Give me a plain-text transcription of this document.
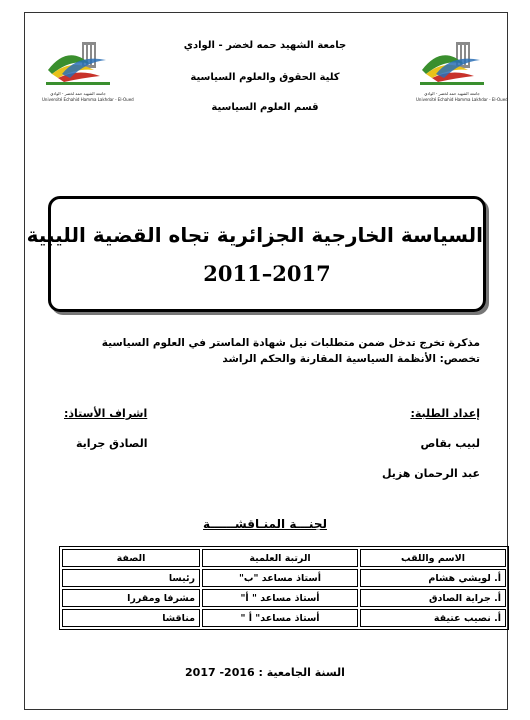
جامعة الشهيد حمه لخضر - الوادي
Université Echahid Hamma Lakhdar - El-Oued
جامعة الشهيد حمه لخضر - الوادي
Université Echahid Hamma Lakhdar - El-Oued
جامعة الشهيد حمه لخضر - الوادي
كلية الحقوق والعلوم السياسية
قسم العلوم السياسية
السياسة الخارجية الجزائرية تجاه القضية الليبية
2011–2017
مذكرة تخرج تدخل ضمن متطلبات نيل شهادة الماستر في العلوم السياسية
تخصص: الأنظمة السياسية المقارنة والحكم الراشد
إعداد الطلبة:
اشراف الأستاذ:
لبيب بقاص
عبد الرحمان هزيل
الصادق جراية
لجنـــة المنـاقشــــــة
الاسم واللقب	الرتبة العلمية	الصفة
أ. لويشي هشام	أستاذ مساعد "ب"	رئيسا
أ. جراية الصادق	أستاذ مساعد " أ"	مشرفا ومقررا
أ. نصيب عتيقة	أستاذ مساعد" أ "	مناقشا
السنة الجامعية : 2016- 2017
